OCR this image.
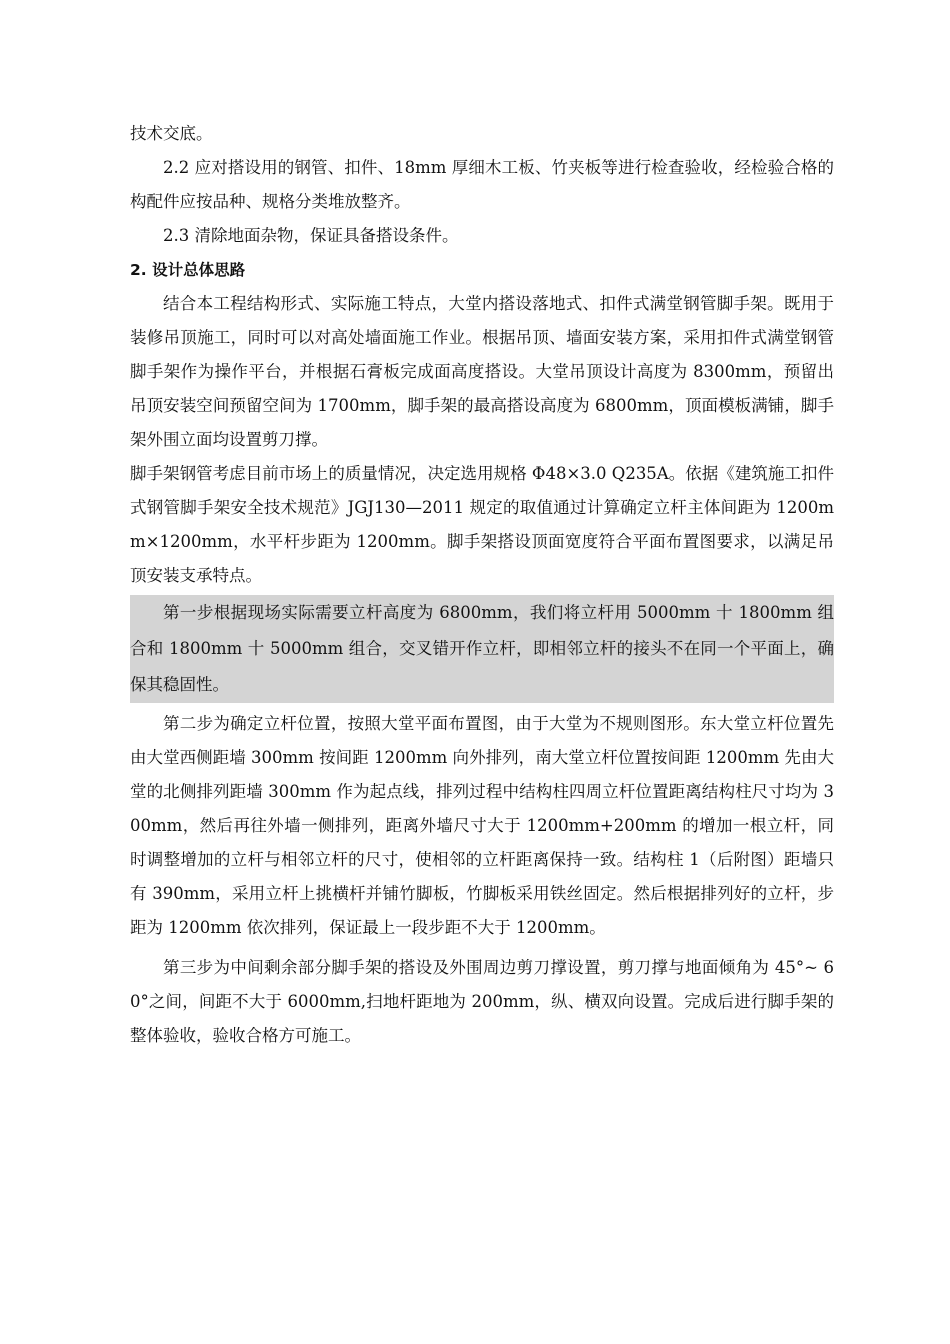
技术交底。

2.2 应对搭设用的钢管、扣件、18mm 厚细木工板、竹夹板等进行检查验收，经检验合格的构配件应按品种、规格分类堆放整齐。

2.3 清除地面杂物，保证具备搭设条件。

2. 设计总体思路

结合本工程结构形式、实际施工特点，大堂内搭设落地式、扣件式满堂钢管脚手架。既用于装修吊顶施工，同时可以对高处墙面施工作业。根据吊顶、墙面安装方案，采用扣件式满堂钢管脚手架作为操作平台，并根据石膏板完成面高度搭设。大堂吊顶设计高度为 8300mm，预留出吊顶安装空间预留空间为 1700mm，脚手架的最高搭设高度为 6800mm，顶面模板满铺，脚手架外围立面均设置剪刀撑。

脚手架钢管考虑目前市场上的质量情况，决定选用规格 Φ48×3.0 Q235A。依据《建筑施工扣件式钢管脚手架安全技术规范》JGJ130—2011 规定的取值通过计算确定立杆主体间距为 1200mm×1200mm，水平杆步距为 1200mm。脚手架搭设顶面宽度符合平面布置图要求，以满足吊顶安装支承特点。

第一步根据现场实际需要立杆高度为 6800mm，我们将立杆用 5000mm 十 1800mm 组合和 1800mm 十 5000mm 组合，交叉错开作立杆，即相邻立杆的接头不在同一个平面上，确保其稳固性。

第二步为确定立杆位置，按照大堂平面布置图，由于大堂为不规则图形。东大堂立杆位置先由大堂西侧距墙 300mm 按间距 1200mm 向外排列，南大堂立杆位置按间距 1200mm 先由大堂的北侧排列距墙 300mm 作为起点线，排列过程中结构柱四周立杆位置距离结构柱尺寸均为 300mm，然后再往外墙一侧排列，距离外墙尺寸大于 1200mm+200mm 的增加一根立杆，同时调整增加的立杆与相邻立杆的尺寸，使相邻的立杆距离保持一致。结构柱 1（后附图）距墙只有 390mm，采用立杆上挑横杆并铺竹脚板，竹脚板采用铁丝固定。然后根据排列好的立杆，步距为 1200mm 依次排列，保证最上一段步距不大于 1200mm。

第三步为中间剩余部分脚手架的搭设及外围周边剪刀撑设置，剪刀撑与地面倾角为 45°~ 60°之间，间距不大于 6000mm,扫地杆距地为 200mm，纵、横双向设置。完成后进行脚手架的整体验收，验收合格方可施工。
